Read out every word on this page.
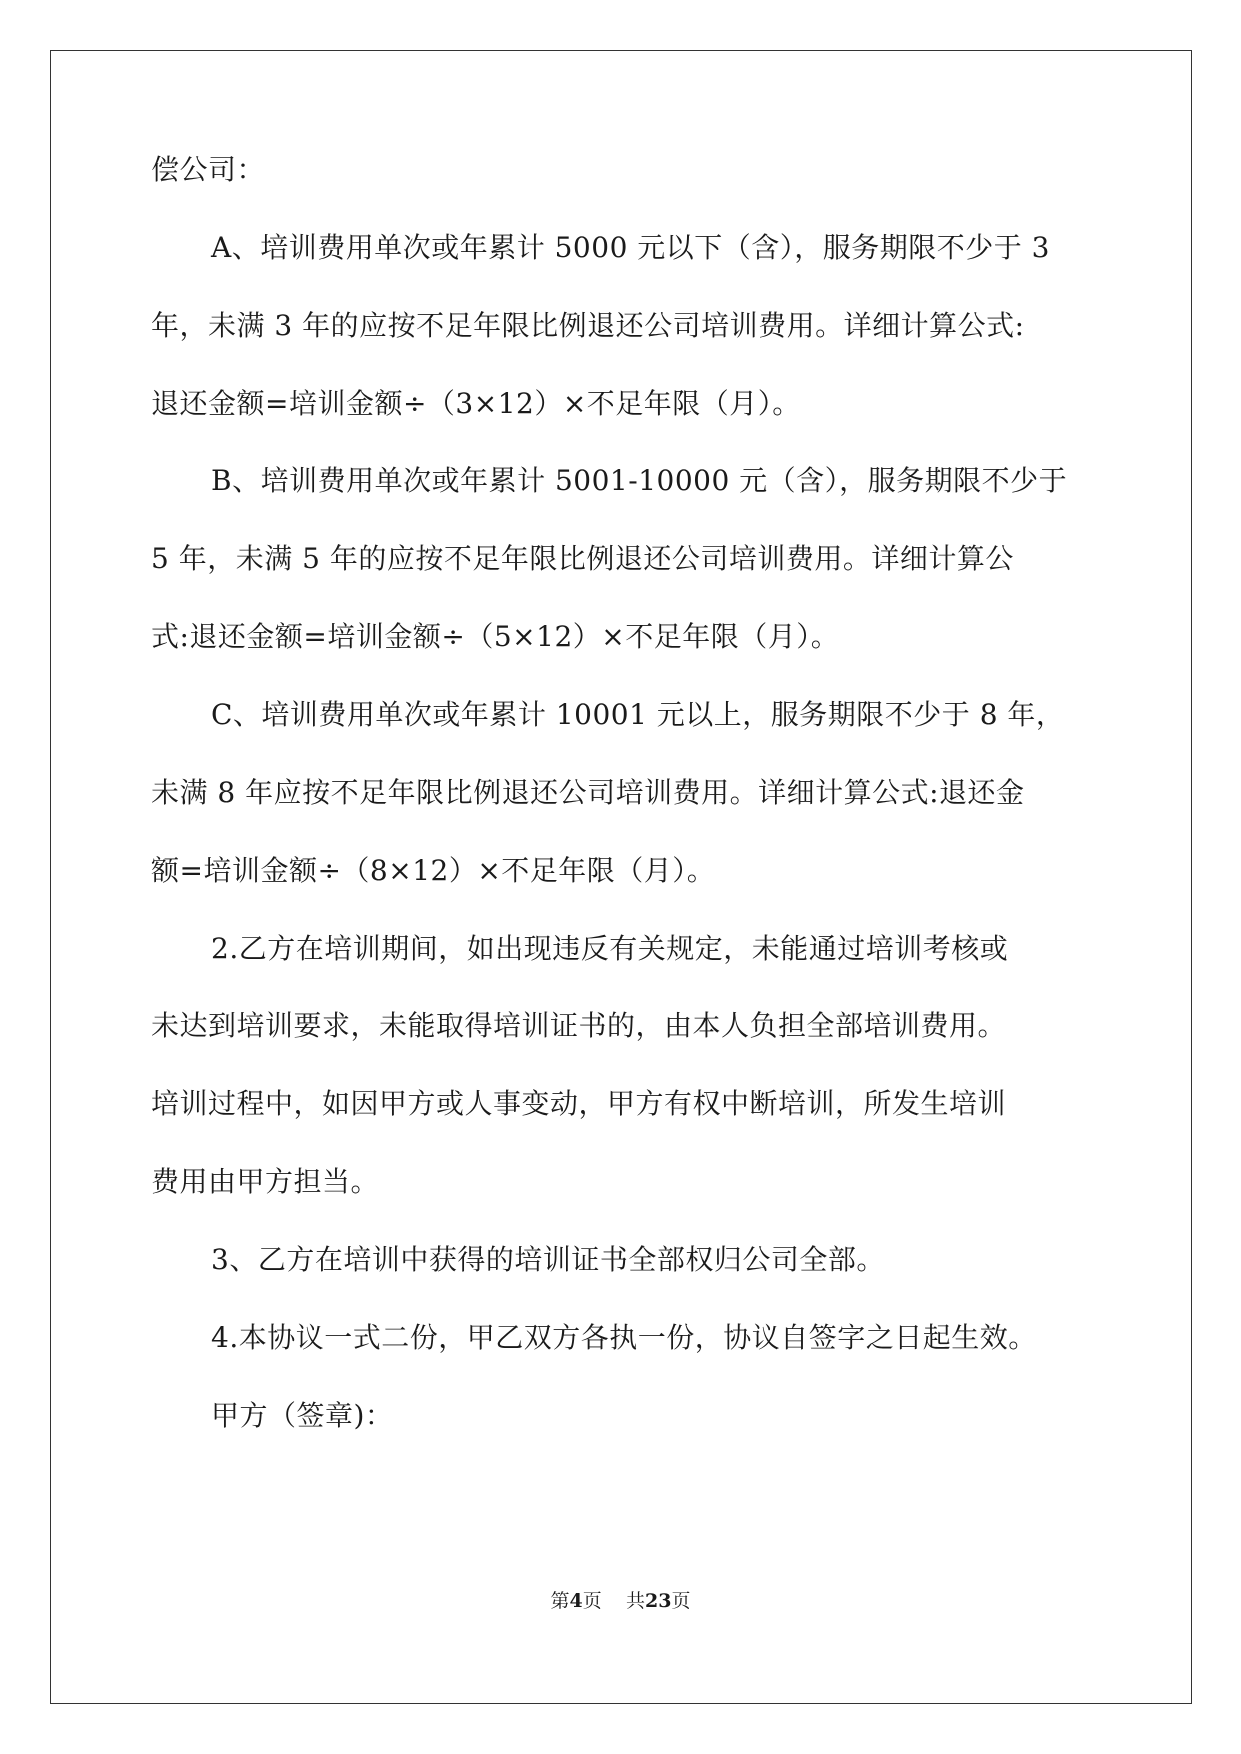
偿公司：
A、培训费用单次或年累计 5000 元以下（含），服务期限不少于 3
年，未满 3 年的应按不足年限比例退还公司培训费用。详细计算公式:
退还金额=培训金额÷（3×12）×不足年限（月）。
B、培训费用单次或年累计 5001-10000 元（含），服务期限不少于
5 年，未满 5 年的应按不足年限比例退还公司培训费用。详细计算公
式:退还金额=培训金额÷（5×12）×不足年限（月）。
C、培训费用单次或年累计 10001 元以上，服务期限不少于 8 年，
未满 8 年应按不足年限比例退还公司培训费用。详细计算公式:退还金
额=培训金额÷（8×12）×不足年限（月）。
2.乙方在培训期间，如出现违反有关规定，未能通过培训考核或
未达到培训要求，未能取得培训证书的，由本人负担全部培训费用。
培训过程中，如因甲方或人事变动，甲方有权中断培训，所发生培训
费用由甲方担当。
3、乙方在培训中获得的培训证书全部权归公司全部。
4.本协议一式二份，甲乙双方各执一份，协议自签字之日起生效。
甲方（签章)：
第4页 共23页
